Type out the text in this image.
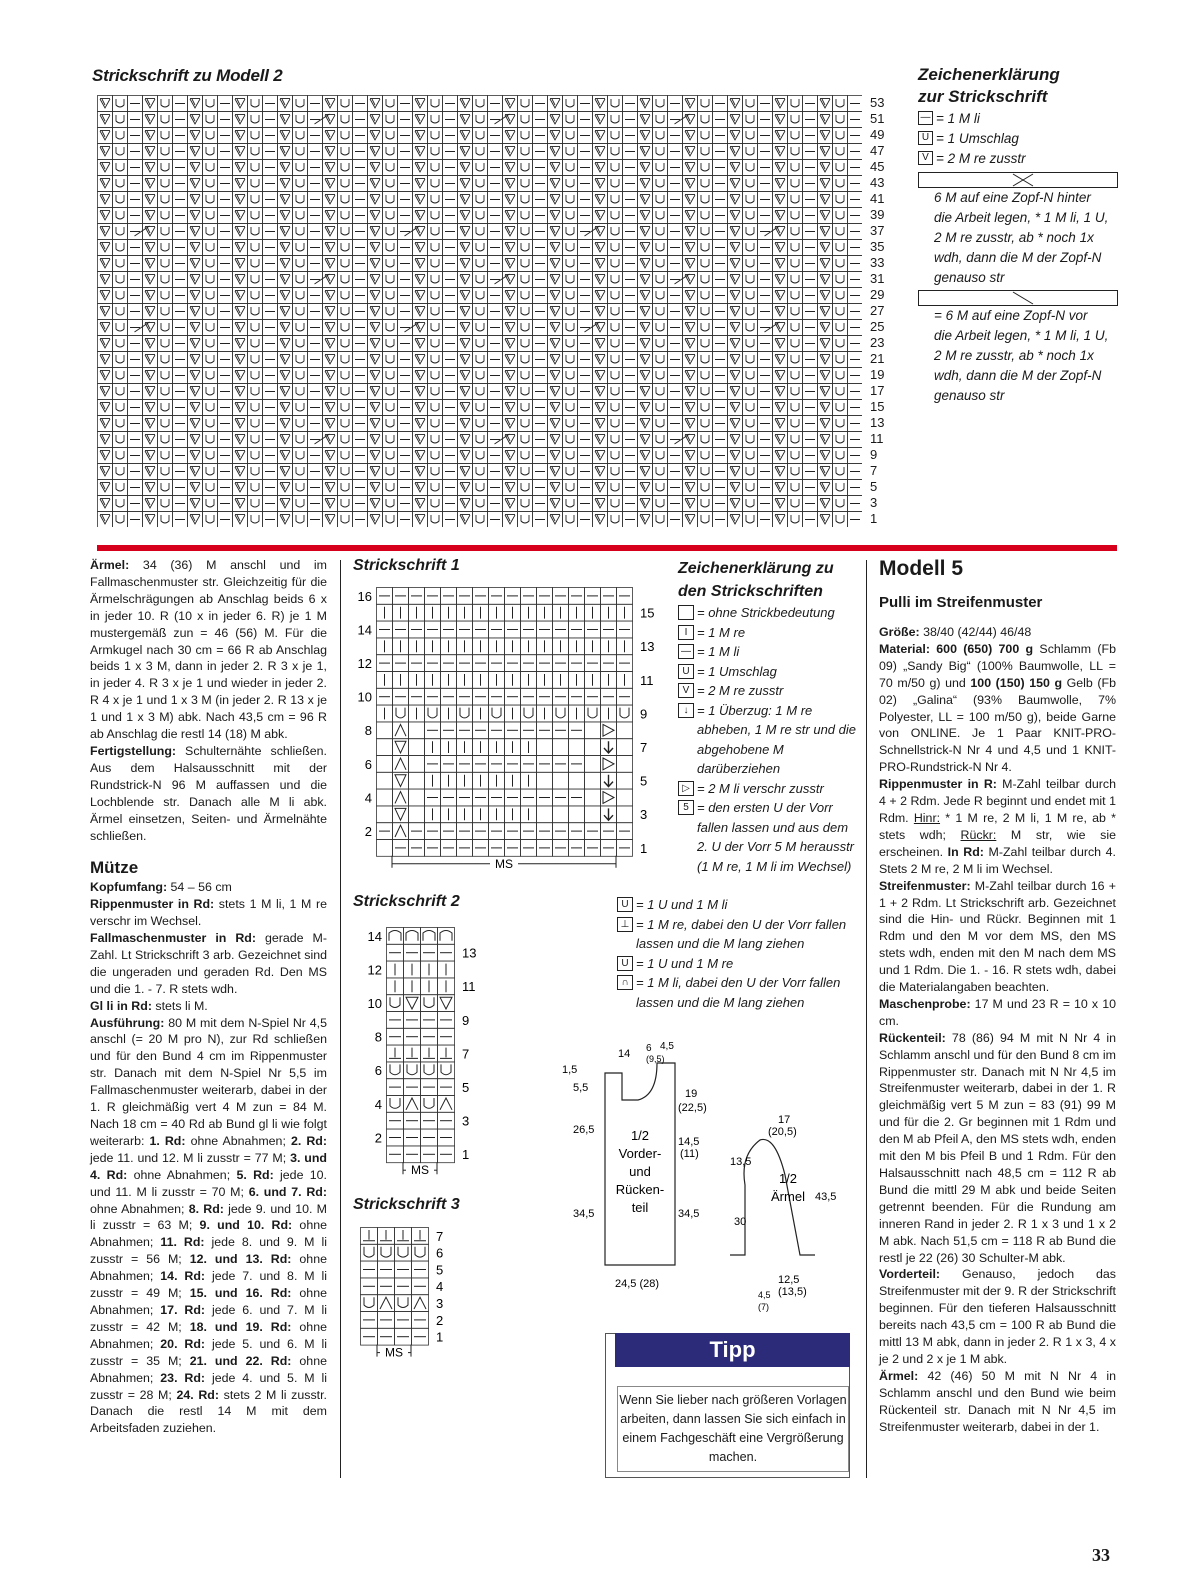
Strickschrift zu Modell 2
53
51
49
47
45
43
41
39
37
35
33
31
29
27
25
23
21
19
17
15
13
11
9
7
5
3
1
Zeichenerklärung
zur Strickschrift
— = 1 M li
U = 1 Umschlag
V = 2 M re zusstr
6 M auf eine Zopf-N hinter
die Arbeit legen, * 1 M li, 1 U,
2 M re zusstr, ab * noch 1x
wdh, dann die M der Zopf-N
genauso str
= 6 M auf eine Zopf-N vor
die Arbeit legen, * 1 M li, 1 U,
2 M re zusstr, ab * noch 1x
wdh, dann die M der Zopf-N
genauso str

Ärmel: 34 (36) M anschl und im Fallmaschenmuster str. Gleichzeitig für die Ärmelschrägungen ab Anschlag beids 6 x in jeder 10. R (10 x in jeder 6. R) je 1 M mustergemäß zun = 46 (56) M. Für die Armkugel nach 30 cm = 66 R ab Anschlag beids 1 x 3 M, dann in jeder 2. R 3 x je 1, in jeder 4. R 3 x je 1 und wieder in jeder 2. R 4 x je 1 und 1 x 3 M (in jeder 2. R 13 x je 1 und 1 x 3 M) abk. Nach 43,5 cm = 96 R ab Anschlag die restl 14 (18) M abk.

Fertigstellung: Schulternähte schließen. Aus dem Halsausschnitt mit der Rundstrick-N 96 M auffassen und die Lochblende str. Danach alle M li abk. Ärmel einsetzen, Seiten- und Ärmelnähte schließen.

Mütze

Kopfumfang: 54 – 56 cm

Rippenmuster in Rd: stets 1 M li, 1 M re verschr im Wechsel.

Fallmaschenmuster in Rd: gerade M-Zahl. Lt Strickschrift 3 arb. Gezeichnet sind die ungeraden und geraden Rd. Den MS und die 1. - 7. R stets wdh.

Gl li in Rd: stets li M.

Ausführung: 80 M mit dem N-Spiel Nr 4,5 anschl (= 20 M pro N), zur Rd schließen und für den Bund 4 cm im Rippenmuster str. Danach mit dem N-Spiel Nr 5,5 im Fallmaschenmuster weiterarb, dabei in der 1. R gleichmäßig vert 4 M zun = 84 M. Nach 18 cm = 40 Rd ab Bund gl li wie folgt weiterarb: 1. Rd: ohne Abnahmen; 2. Rd: jede 11. und 12. M li zusstr = 77 M; 3. und 4. Rd: ohne Abnahmen; 5. Rd: jede 10. und 11. M li zusstr = 70 M; 6. und 7. Rd: ohne Abnahmen; 8. Rd: jede 9. und 10. M li zusstr = 63 M; 9. und 10. Rd: ohne Abnahmen; 11. Rd: jede 8. und 9. M li zusstr = 56 M; 12. und 13. Rd: ohne Abnahmen; 14. Rd: jede 7. und 8. M li zusstr = 49 M; 15. und 16. Rd: ohne Abnahmen; 17. Rd: jede 6. und 7. M li zusstr = 42 M; 18. und 19. Rd: ohne Abnahmen; 20. Rd: jede 5. und 6. M li zusstr = 35 M; 21. und 22. Rd: ohne Abnahmen; 23. Rd: jede 4. und 5. M li zusstr = 28 M; 24. Rd: stets 2 M li zusstr. Danach die restl 14 M mit dem Arbeitsfaden zuziehen.

Strickschrift 1
16
14
12
10
8
6
4
2
15
13
11
9
7
5
3
1
MS
Strickschrift 2
14
12
10
8
6
4
2
13
11
9
7
5
3
1
MS
Strickschrift 3
7
6
5
4
3
2
1
MS
Zeichenerklärung zu
den Strickschriften
= ohne Strickbedeutung
I = 1 M re
— = 1 M li
U = 1 Umschlag
V = 2 M re zusstr
↓ = 1 Überzug: 1 M re abheben, 1 M re str und die abgehobene M darüberziehen
▷ = 2 M li verschr zusstr
5 = den ersten U der Vorr fallen lassen und aus dem 2. U der Vorr 5 M herausstr (1 M re, 1 M li im Wechsel)
U = 1 U und 1 M li
⊥ = 1 M re, dabei den U der Vorr fallen lassen und die M lang ziehen
U = 1 U und 1 M re
∩ = 1 M li, dabei den U der Vorr fallen lassen und die M lang ziehen
14 6
(9,5)
4,5
1,5
5,5	19
(22,5)
26,5
14,5
(11)
34,5	34,5
24,5 (28)
1/2
Vorder-
und
Rücken-
teil
17
(20,5)
13,5
30
43,5
12,5
(13,5)
4,5
(7)
1/2
Ärmel
Tipp
Wenn Sie lieber nach größeren Vorlagen arbeiten, dann lassen Sie sich einfach in einem Fachgeschäft eine Vergrößerung machen.
Modell 5
Pulli im Streifenmuster

Größe: 38/40 (42/44) 46/48

Material: 600 (650) 700 g Schlamm (Fb 09) „Sandy Big“ (100% Baumwolle, LL = 70 m/50 g) und 100 (150) 150 g Gelb (Fb 02) „Galina“ (93% Baumwolle, 7% Polyester, LL = 100 m/50 g), beide Garne von ONLINE. Je 1 Paar KNIT-PRO-Schnellstrick-N Nr 4 und 4,5 und 1 KNIT-PRO-Rundstrick-N Nr 4.

Rippenmuster in R: M-Zahl teilbar durch 4 + 2 Rdm. Jede R beginnt und endet mit 1 Rdm. Hinr: * 1 M re, 2 M li, 1 M re, ab * stets wdh; Rückr: M str, wie sie erscheinen. In Rd: M-Zahl teilbar durch 4. Stets 2 M re, 2 M li im Wechsel.

Streifenmuster: M-Zahl teilbar durch 16 + 1 + 2 Rdm. Lt Strickschrift arb. Gezeichnet sind die Hin- und Rückr. Beginnen mit 1 Rdm und den M vor dem MS, den MS stets wdh, enden mit den M nach dem MS und 1 Rdm. Die 1. - 16. R stets wdh, dabei die Materialangaben beachten.

Maschenprobe: 17 M und 23 R = 10 x 10 cm.

Rückenteil: 78 (86) 94 M mit N Nr 4 in Schlamm anschl und für den Bund 8 cm im Rippenmuster str. Danach mit N Nr 4,5 im Streifenmuster weiterarb, dabei in der 1. R gleichmäßig vert 5 M zun = 83 (91) 99 M und für die 2. Gr beginnen mit 1 Rdm und den M ab Pfeil A, den MS stets wdh, enden mit den M bis Pfeil B und 1 Rdm. Für den Halsausschnitt nach 48,5 cm = 112 R ab Bund die mittl 29 M abk und beide Seiten getrennt beenden. Für die Rundung am inneren Rand in jeder 2. R 1 x 3 und 1 x 2 M abk. Nach 51,5 cm = 118 R ab Bund die restl je 22 (26) 30 Schulter-M abk.

Vorderteil: Genauso, jedoch das Streifenmuster mit der 9. R der Strickschrift beginnen. Für den tieferen Halsausschnitt bereits nach 43,5 cm = 100 R ab Bund die mittl 13 M abk, dann in jeder 2. R 1 x 3, 4 x je 2 und 2 x je 1 M abk.

Ärmel: 42 (46) 50 M mit N Nr 4 in Schlamm anschl und den Bund wie beim Rückenteil str. Danach mit N Nr 4,5 im Streifenmuster weiterarb, dabei in der 1.

33
